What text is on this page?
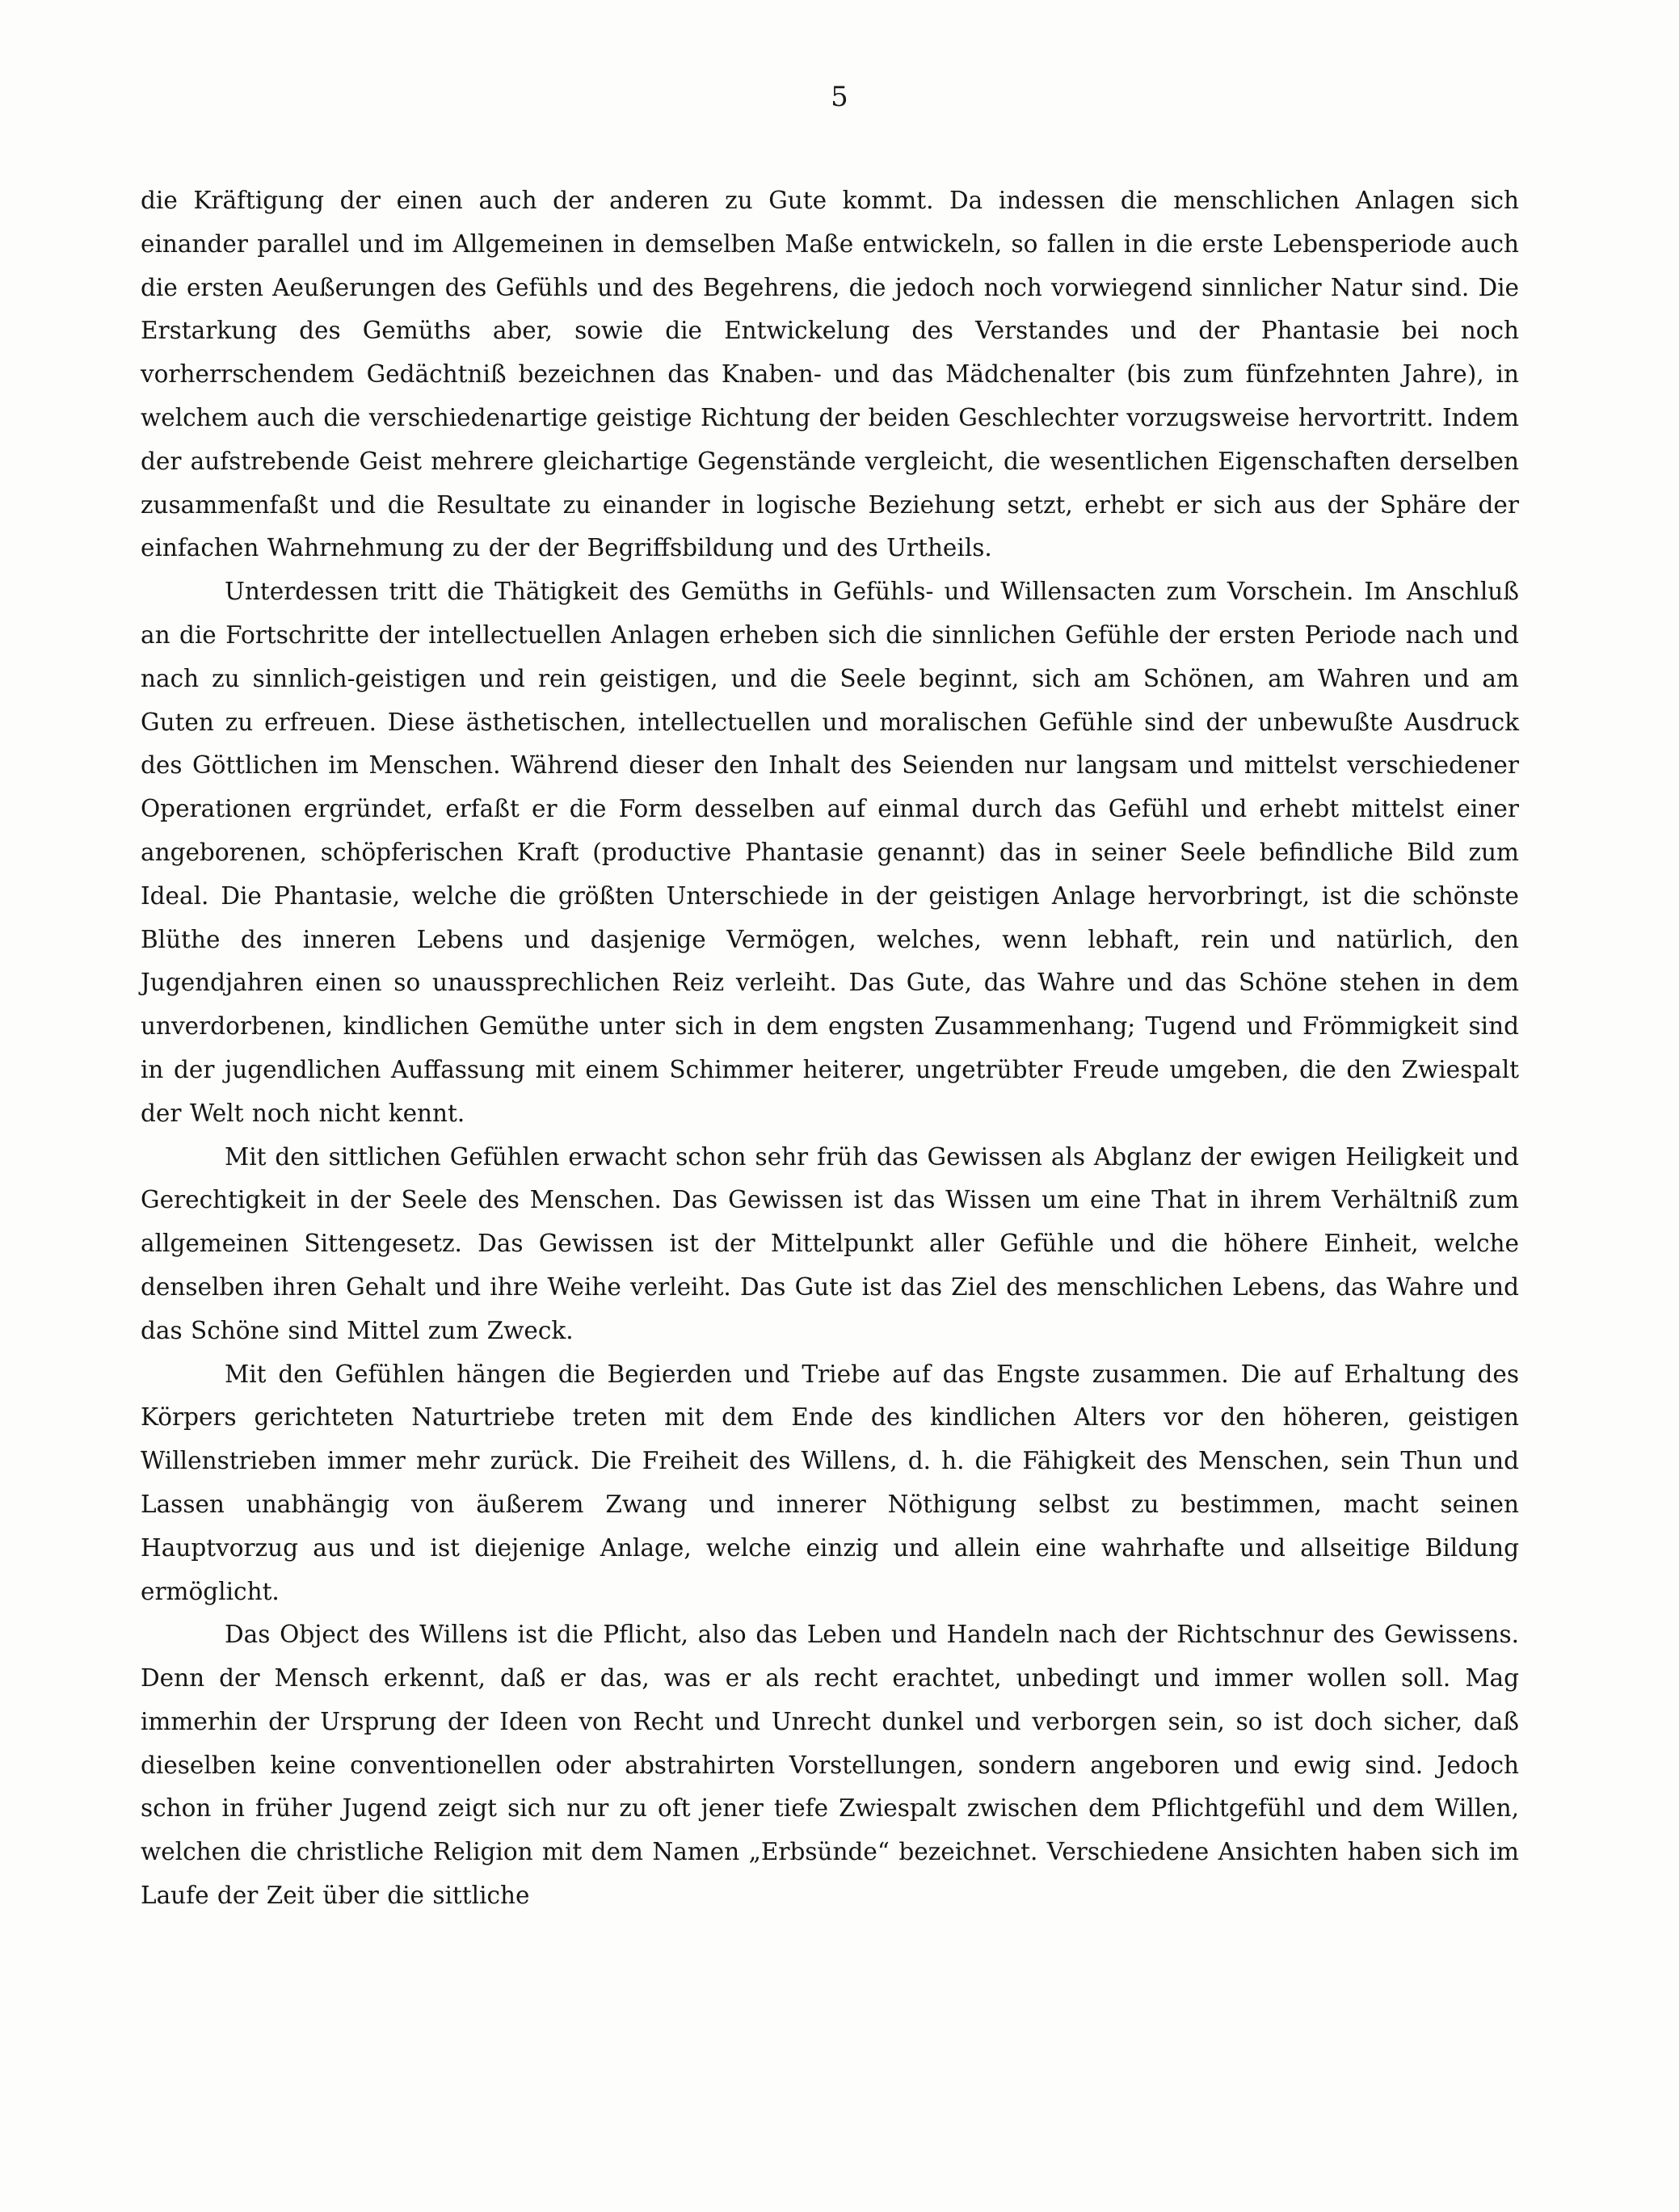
5

die Kräftigung der einen auch der anderen zu Gute kommt. Da indessen die menschlichen Anlagen sich einander parallel und im Allgemeinen in demselben Maße entwickeln, so fallen in die erste Lebensperiode auch die ersten Aeußerungen des Gefühls und des Begehrens, die jedoch noch vorwiegend sinnlicher Natur sind. Die Erstarkung des Gemüths aber, sowie die Entwickelung des Verstandes und der Phantasie bei noch vorherrschendem Gedächtniß bezeichnen das Knaben- und das Mädchenalter (bis zum fünfzehnten Jahre), in welchem auch die verschiedenartige geistige Richtung der beiden Geschlechter vorzugsweise hervortritt. Indem der aufstrebende Geist mehrere gleichartige Gegenstände vergleicht, die wesentlichen Eigenschaften derselben zusammenfaßt und die Resultate zu einander in logische Beziehung setzt, erhebt er sich aus der Sphäre der einfachen Wahrnehmung zu der der Begriffsbildung und des Urtheils.

Unterdessen tritt die Thätigkeit des Gemüths in Gefühls- und Willensacten zum Vorschein. Im Anschluß an die Fortschritte der intellectuellen Anlagen erheben sich die sinnlichen Gefühle der ersten Periode nach und nach zu sinnlich-geistigen und rein geistigen, und die Seele beginnt, sich am Schönen, am Wahren und am Guten zu erfreuen. Diese ästhetischen, intellectuellen und moralischen Gefühle sind der unbewußte Ausdruck des Göttlichen im Menschen. Während dieser den Inhalt des Seienden nur langsam und mittelst verschiedener Operationen ergründet, erfaßt er die Form desselben auf einmal durch das Gefühl und erhebt mittelst einer angeborenen, schöpferischen Kraft (productive Phantasie genannt) das in seiner Seele befindliche Bild zum Ideal. Die Phantasie, welche die größten Unterschiede in der geistigen Anlage hervorbringt, ist die schönste Blüthe des inneren Lebens und dasjenige Vermögen, welches, wenn lebhaft, rein und natürlich, den Jugendjahren einen so unaussprechlichen Reiz verleiht. Das Gute, das Wahre und das Schöne stehen in dem unverdorbenen, kindlichen Gemüthe unter sich in dem engsten Zusammenhang; Tugend und Frömmigkeit sind in der jugendlichen Auffassung mit einem Schimmer heiterer, ungetrübter Freude umgeben, die den Zwiespalt der Welt noch nicht kennt.

Mit den sittlichen Gefühlen erwacht schon sehr früh das Gewissen als Abglanz der ewigen Heiligkeit und Gerechtigkeit in der Seele des Menschen. Das Gewissen ist das Wissen um eine That in ihrem Verhältniß zum allgemeinen Sittengesetz. Das Gewissen ist der Mittelpunkt aller Gefühle und die höhere Einheit, welche denselben ihren Gehalt und ihre Weihe verleiht. Das Gute ist das Ziel des menschlichen Lebens, das Wahre und das Schöne sind Mittel zum Zweck.

Mit den Gefühlen hängen die Begierden und Triebe auf das Engste zusammen. Die auf Erhaltung des Körpers gerichteten Naturtriebe treten mit dem Ende des kindlichen Alters vor den höheren, geistigen Willenstrieben immer mehr zurück. Die Freiheit des Willens, d. h. die Fähigkeit des Menschen, sein Thun und Lassen unabhängig von äußerem Zwang und innerer Nöthigung selbst zu bestimmen, macht seinen Hauptvorzug aus und ist diejenige Anlage, welche einzig und allein eine wahrhafte und allseitige Bildung ermöglicht.

Das Object des Willens ist die Pflicht, also das Leben und Handeln nach der Richtschnur des Gewissens. Denn der Mensch erkennt, daß er das, was er als recht erachtet, unbedingt und immer wollen soll. Mag immerhin der Ursprung der Ideen von Recht und Unrecht dunkel und verborgen sein, so ist doch sicher, daß dieselben keine conventionellen oder abstrahirten Vorstellungen, sondern angeboren und ewig sind. Jedoch schon in früher Jugend zeigt sich nur zu oft jener tiefe Zwiespalt zwischen dem Pflichtgefühl und dem Willen, welchen die christliche Religion mit dem Namen „Erbsünde“ bezeichnet. Verschiedene Ansichten haben sich im Laufe der Zeit über die sittliche
